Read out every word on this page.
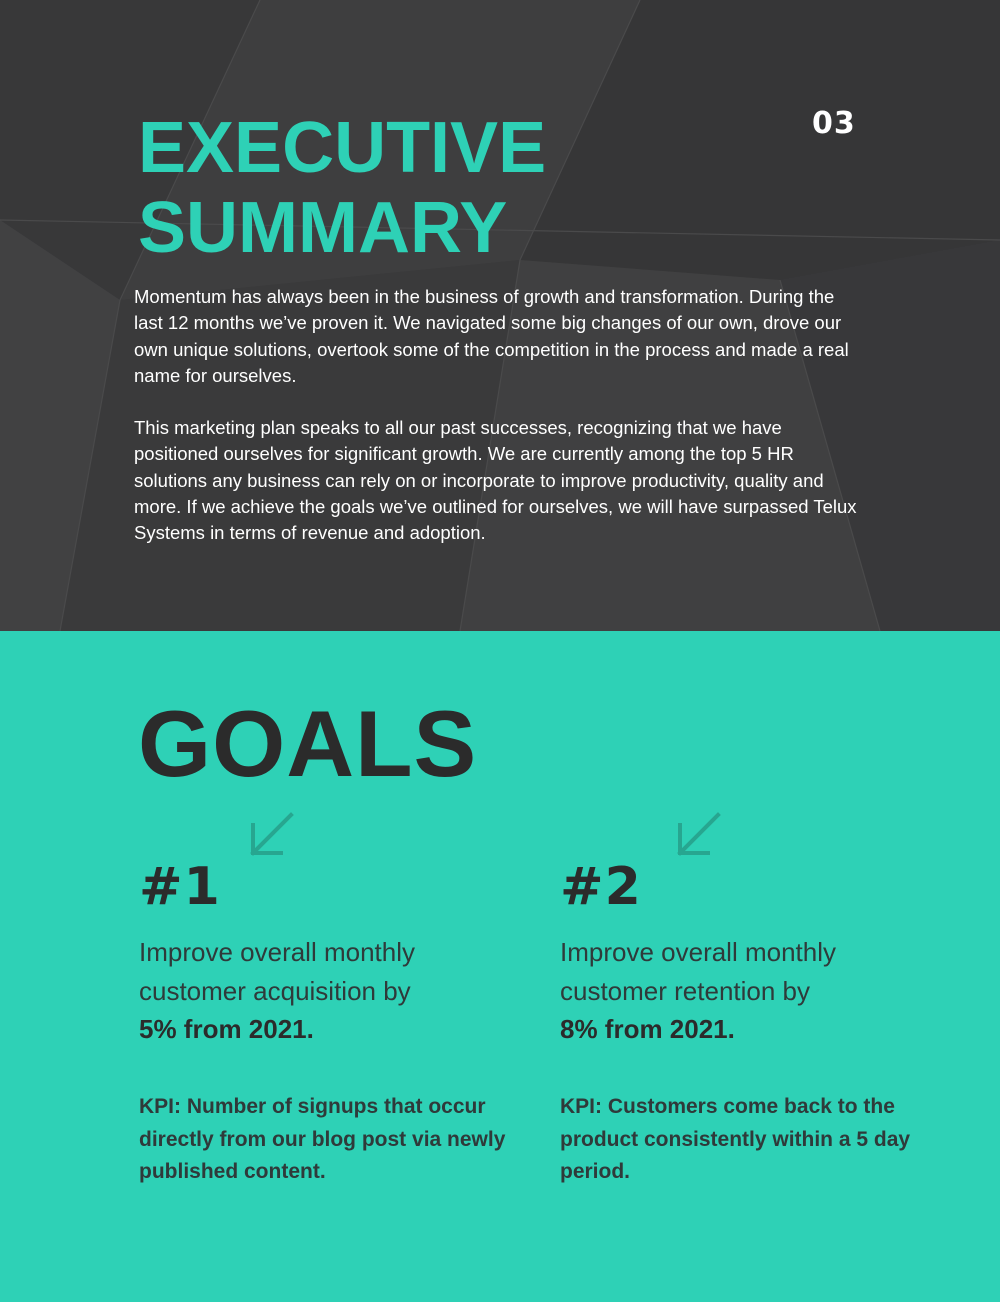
03
EXECUTIVE
SUMMARY

Momentum has always been in the business of growth and transformation. During the last 12 months we’ve proven it. We navigated some big changes of our own, drove our own unique solutions, overtook some of the competition in the process and made a real name for ourselves.

This marketing plan speaks to all our past successes, recognizing that we have positioned ourselves for significant growth. We are currently among the top 5 HR solutions any business can rely on or incorporate to improve productivity, quality and more. If we achieve the goals we’ve outlined for ourselves, we will have surpassed Telux Systems in terms of revenue and adoption.

GOALS
#1
Improve overall monthly customer acquisition by
5% from 2021.
KPI: Number of signups that occur directly from our blog post via newly published content.
#2
Improve overall monthly customer retention by
8% from 2021.
KPI: Customers come back to the product consistently within a 5 day period.
